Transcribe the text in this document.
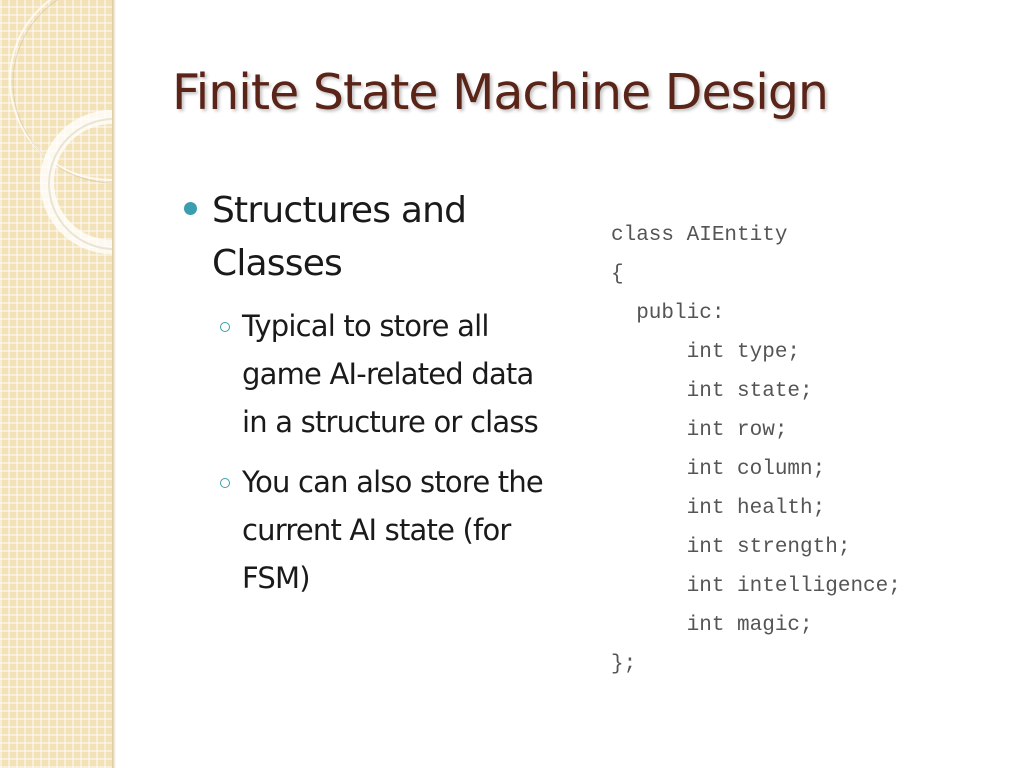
Finite State Machine Design
Structures and Classes
Typical to store all game AI-related data in a structure or class
You can also store the current AI state (for FSM)
class AIEntity
{
public:
int type;
int state;
int row;
int column;
int health;
int strength;
int intelligence;
int magic;
};
